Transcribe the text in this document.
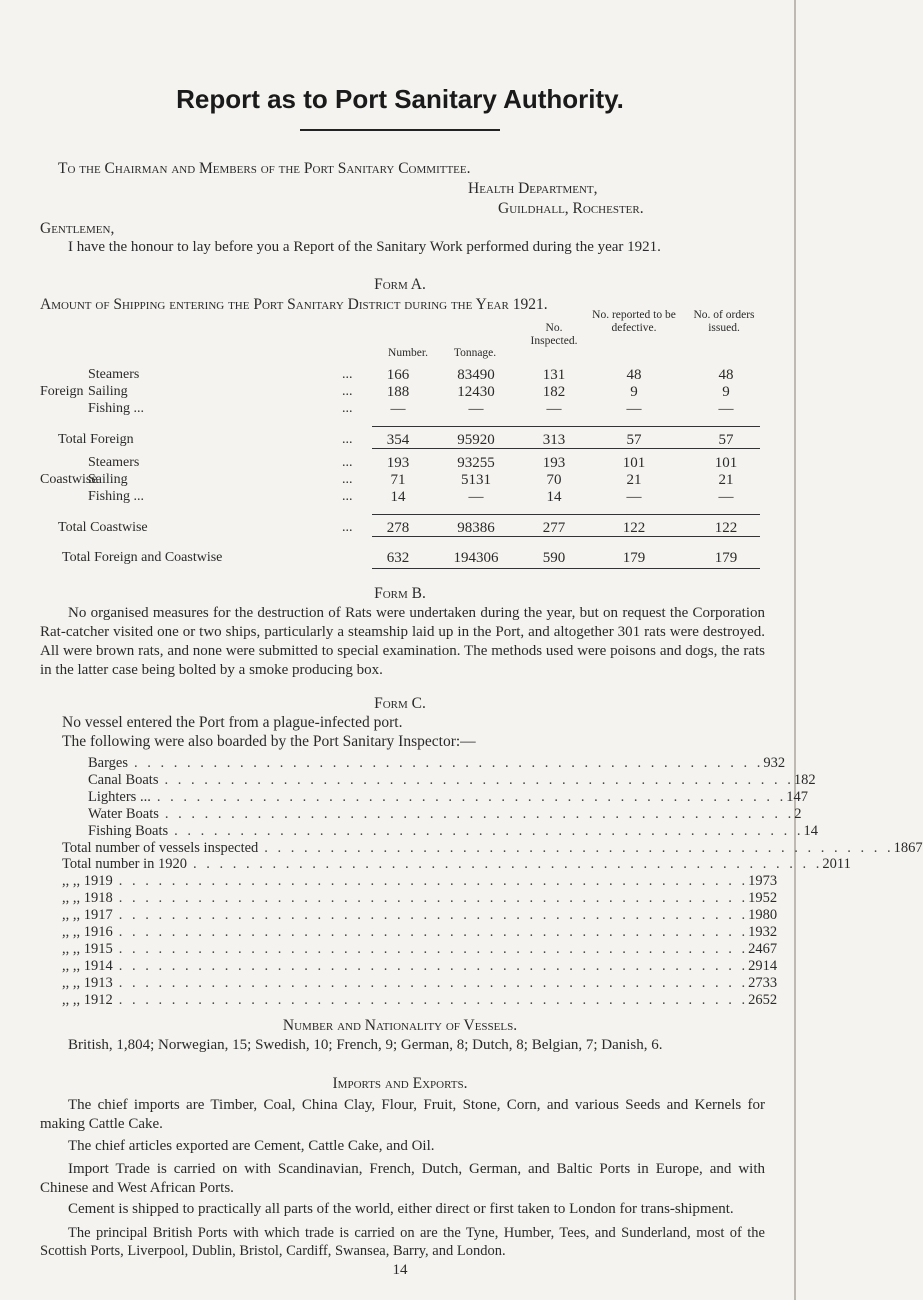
Report as to Port Sanitary Authority.
To the Chairman and Members of the Port Sanitary Committee.
Health Department,
Guildhall, Rochester.
Gentlemen,
I have the honour to lay before you a Report of the Sanitary Work performed during the year 1921.
Form A.
Amount of Shipping entering the Port Sanitary District during the Year 1921.
Number.	Tonnage.
No. Inspected.
No. reported to be defective.
No. of orders issued.
Foreign
Coastwise
Steamers	...	166	83490	131	48	48
Sailing	...	188	12430	182	9	9
Fishing ...	...	—	—	—	—	—
Total Foreign	...	354	95920	313	57	57
Steamers	...	193	93255	193	101	101
Sailing	...	71	5131	70	21	21
Fishing ...	...	14	—	14	—	—
Total Coastwise	...	278	98386	277	122	122
Total Foreign and Coastwise	632	194306	590	179	179
Form B.
No organised measures for the destruction of Rats were undertaken during the year, but on request the Corporation Rat-catcher visited one or two ships, particularly a steamship laid up in the Port, and altogether 301 rats were destroyed. All were brown rats, and none were submitted to special examination. The methods used were poisons and dogs, the rats in the latter case being bolted by a smoke producing box.
Form C.
No vessel entered the Port from a plague-infected port.
The following were also boarded by the Port Sanitary Inspector:—
Barges . . . . . . . . . . . . . . . . . . . . . . . . . . . . . . . . . . . . . . . . . . . . . . . . 932
Canal Boats . . . . . . . . . . . . . . . . . . . . . . . . . . . . . . . . . . . . . . . . . . . . . . . . 182
Lighters ... . . . . . . . . . . . . . . . . . . . . . . . . . . . . . . . . . . . . . . . . . . . . . . . . 147
Water Boats . . . . . . . . . . . . . . . . . . . . . . . . . . . . . . . . . . . . . . . . . . . . . . . . 2
Fishing Boats . . . . . . . . . . . . . . . . . . . . . . . . . . . . . . . . . . . . . . . . . . . . . . . . 14
Total number of vessels inspected . . . . . . . . . . . . . . . . . . . . . . . . . . . . . . . . . . . . . . . . . . . . . . . . 1867
Total number in 1920 . . . . . . . . . . . . . . . . . . . . . . . . . . . . . . . . . . . . . . . . . . . . . . . . 2011
,, ,, 1919 . . . . . . . . . . . . . . . . . . . . . . . . . . . . . . . . . . . . . . . . . . . . . . . . 1973
,, ,, 1918 . . . . . . . . . . . . . . . . . . . . . . . . . . . . . . . . . . . . . . . . . . . . . . . . 1952
,, ,, 1917 . . . . . . . . . . . . . . . . . . . . . . . . . . . . . . . . . . . . . . . . . . . . . . . . 1980
,, ,, 1916 . . . . . . . . . . . . . . . . . . . . . . . . . . . . . . . . . . . . . . . . . . . . . . . . 1932
,, ,, 1915 . . . . . . . . . . . . . . . . . . . . . . . . . . . . . . . . . . . . . . . . . . . . . . . . 2467
,, ,, 1914 . . . . . . . . . . . . . . . . . . . . . . . . . . . . . . . . . . . . . . . . . . . . . . . . 2914
,, ,, 1913 . . . . . . . . . . . . . . . . . . . . . . . . . . . . . . . . . . . . . . . . . . . . . . . . 2733
,, ,, 1912 . . . . . . . . . . . . . . . . . . . . . . . . . . . . . . . . . . . . . . . . . . . . . . . . 2652
Number and Nationality of Vessels.
British, 1,804; Norwegian, 15; Swedish, 10; French, 9; German, 8; Dutch, 8; Belgian, 7; Danish, 6.
Imports and Exports.
The chief imports are Timber, Coal, China Clay, Flour, Fruit, Stone, Corn, and various Seeds and Kernels for making Cattle Cake.
The chief articles exported are Cement, Cattle Cake, and Oil.
Import Trade is carried on with Scandinavian, French, Dutch, German, and Baltic Ports in Europe, and with Chinese and West African Ports.
Cement is shipped to practically all parts of the world, either direct or first taken to London for trans-shipment.
The principal British Ports with which trade is carried on are the Tyne, Humber, Tees, and Sunderland, most of the Scottish Ports, Liverpool, Dublin, Bristol, Cardiff, Swansea, Barry, and London.
14
